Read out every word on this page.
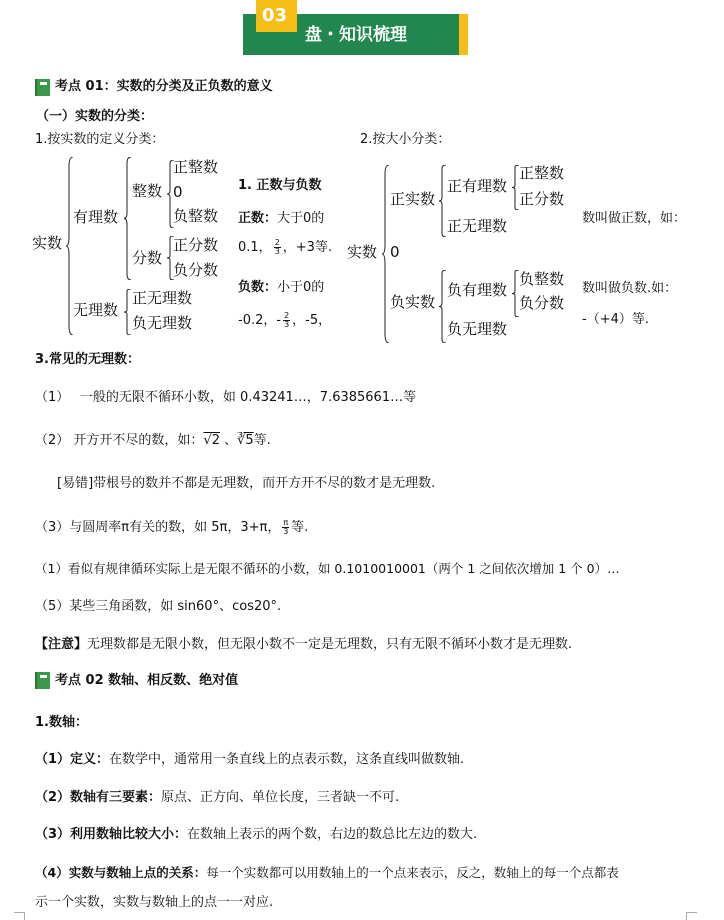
03
盘・知识梳理
考点 01：实数的分类及正负数的意义
（一）实数的分类：
1.按实数的定义分类：	2.按大小分类：
实数
有理数
整数
正整数
0
负整数
分数
正分数
负分数
无理数
正无理数
负无理数
1. 正数与负数
正数：大于0的
0.1， $\frac{2}{3}$ ，+3等.
负数：小于0的
-0.2，- $\frac{2}{3}$ ，-5，
实数
正实数
正有理数
正整数
正分数
正无理数
0
负实数
负有理数
负整数
负分数
负无理数
数叫做正数，如：
数叫做负数.如：
-（+4）等.
3.常见的无理数：
（1）　 一般的无限不循环小数，如 0.43241…，7.6385661…等
（2） 开方开不尽的数，如：√2 、∛5等.
[易错]带根号的数并不都是无理数，而开方开不尽的数才是无理数.
（3）与圆周率π有关的数，如 5π，3+π， $\frac{\pi}{3}$ 等.
（1）看似有规律循环实际上是无限不循环的小数，如 0.1010010001（两个 1 之间依次增加 1 个 0）…
（5）某些三角函数，如 sin60°、cos20°.
【注意】无理数都是无限小数，但无限小数不一定是无理数，只有无限不循环小数才是无理数.
考点 02 数轴、相反数、绝对值
1.数轴：
（1）定义：在数学中，通常用一条直线上的点表示数，这条直线叫做数轴.
（2）数轴有三要素：原点、正方向、单位长度，三者缺一不可.
（3）利用数轴比较大小：在数轴上表示的两个数，右边的数总比左边的数大.
（4）实数与数轴上点的关系：每一个实数都可以用数轴上的一个点来表示，反之，数轴上的每一个点都表
示一个实数，实数与数轴上的点一一对应.
